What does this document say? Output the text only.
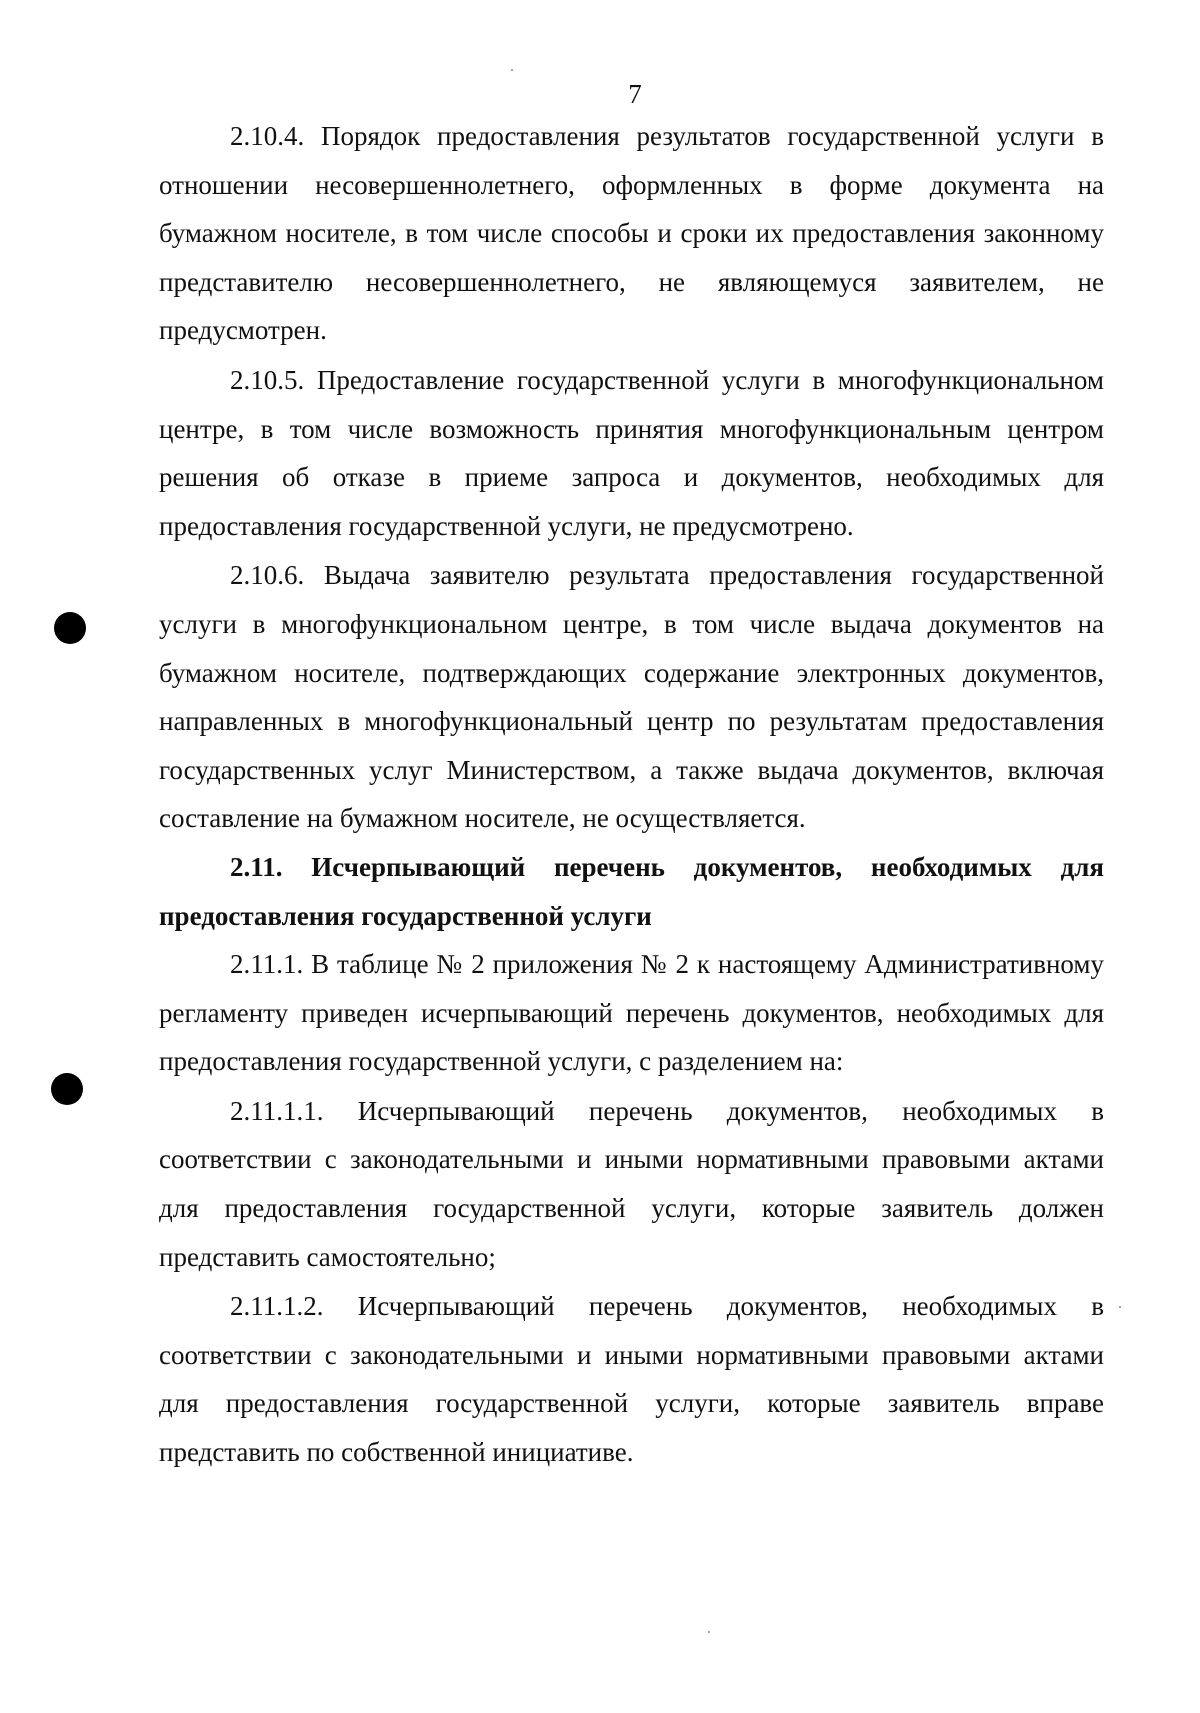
7

2.10.4. Порядок предоставления результатов государственной услуги в отношении несовершеннолетнего, оформленных в форме документа на бумажном носителе, в том числе способы и сроки их предоставления законному представителю несовершеннолетнего, не являющемуся заявителем, не предусмотрен.

2.10.5. Предоставление государственной услуги в многофункциональном центре, в том числе возможность принятия многофункциональным центром решения об отказе в приеме запроса и документов, необходимых для предоставления государственной услуги, не предусмотрено.

2.10.6. Выдача заявителю результата предоставления государственной услуги в многофункциональном центре, в том числе выдача документов на бумажном носителе, подтверждающих содержание электронных документов, направленных в многофункциональный центр по результатам предоставления государственных услуг Министерством, а также выдача документов, включая составление на бумажном носителе, не осуществляется.

2.11. Исчерпывающий перечень документов, необходимых для предоставления государственной услуги

2.11.1. В таблице № 2 приложения № 2 к настоящему Административному регламенту приведен исчерпывающий перечень документов, необходимых для предоставления государственной услуги, с разделением на:

2.11.1.1. Исчерпывающий перечень документов, необходимых в соответствии с законодательными и иными нормативными правовыми актами для предоставления государственной услуги, которые заявитель должен представить самостоятельно;

2.11.1.2. Исчерпывающий перечень документов, необходимых в соответствии с законодательными и иными нормативными правовыми актами для предоставления государственной услуги, которые заявитель вправе представить по собственной инициативе.
